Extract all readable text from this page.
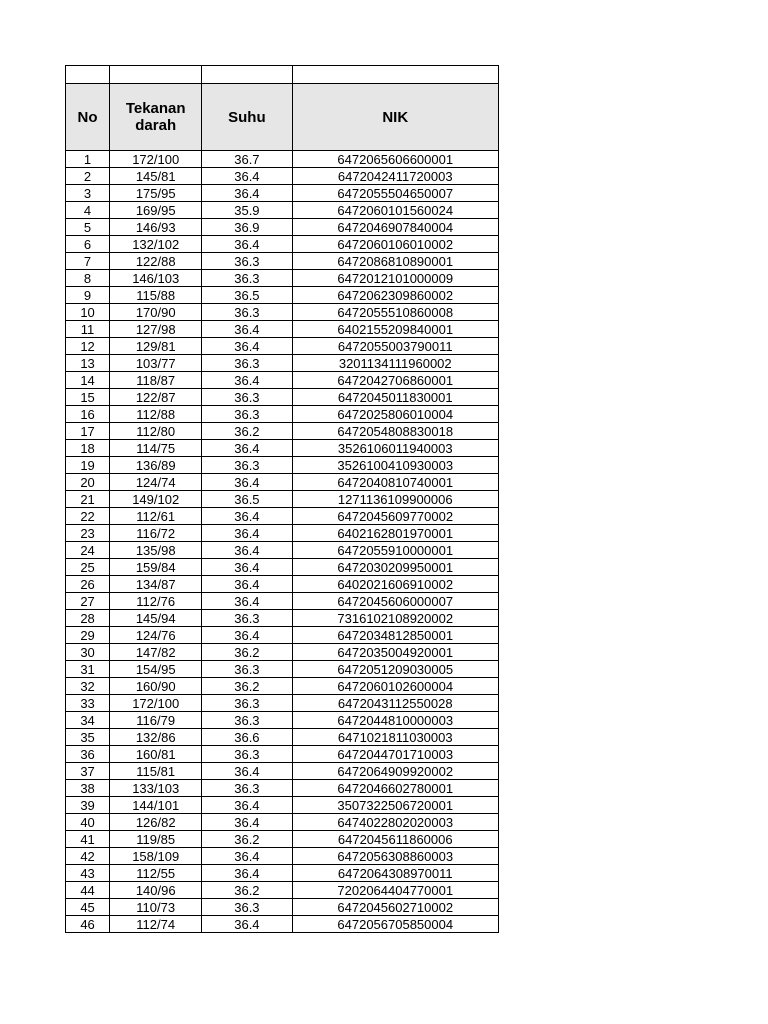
No	Tekanan darah	Suhu	NIK
1	172/100	36.7	6472065606600001
2	145/81	36.4	6472042411720003
3	175/95	36.4	6472055504650007
4	169/95	35.9	6472060101560024
5	146/93	36.9	6472046907840004
6	132/102	36.4	6472060106010002
7	122/88	36.3	6472086810890001
8	146/103	36.3	6472012101000009
9	115/88	36.5	6472062309860002
10	170/90	36.3	6472055510860008
11	127/98	36.4	6402155209840001
12	129/81	36.4	6472055003790011
13	103/77	36.3	3201134111960002
14	118/87	36.4	6472042706860001
15	122/87	36.3	6472045011830001
16	112/88	36.3	6472025806010004
17	112/80	36.2	6472054808830018
18	114/75	36.4	3526106011940003
19	136/89	36.3	3526100410930003
20	124/74	36.4	6472040810740001
21	149/102	36.5	1271136109900006
22	112/61	36.4	6472045609770002
23	116/72	36.4	6402162801970001
24	135/98	36.4	6472055910000001
25	159/84	36.4	6472030209950001
26	134/87	36.4	6402021606910002
27	112/76	36.4	6472045606000007
28	145/94	36.3	7316102108920002
29	124/76	36.4	6472034812850001
30	147/82	36.2	6472035004920001
31	154/95	36.3	6472051209030005
32	160/90	36.2	6472060102600004
33	172/100	36.3	6472043112550028
34	116/79	36.3	6472044810000003
35	132/86	36.6	6471021811030003
36	160/81	36.3	6472044701710003
37	115/81	36.4	6472064909920002
38	133/103	36.3	6472046602780001
39	144/101	36.4	3507322506720001
40	126/82	36.4	6474022802020003
41	119/85	36.2	6472045611860006
42	158/109	36.4	6472056308860003
43	112/55	36.4	6472064308970011
44	140/96	36.2	7202064404770001
45	110/73	36.3	6472045602710002
46	112/74	36.4	6472056705850004
